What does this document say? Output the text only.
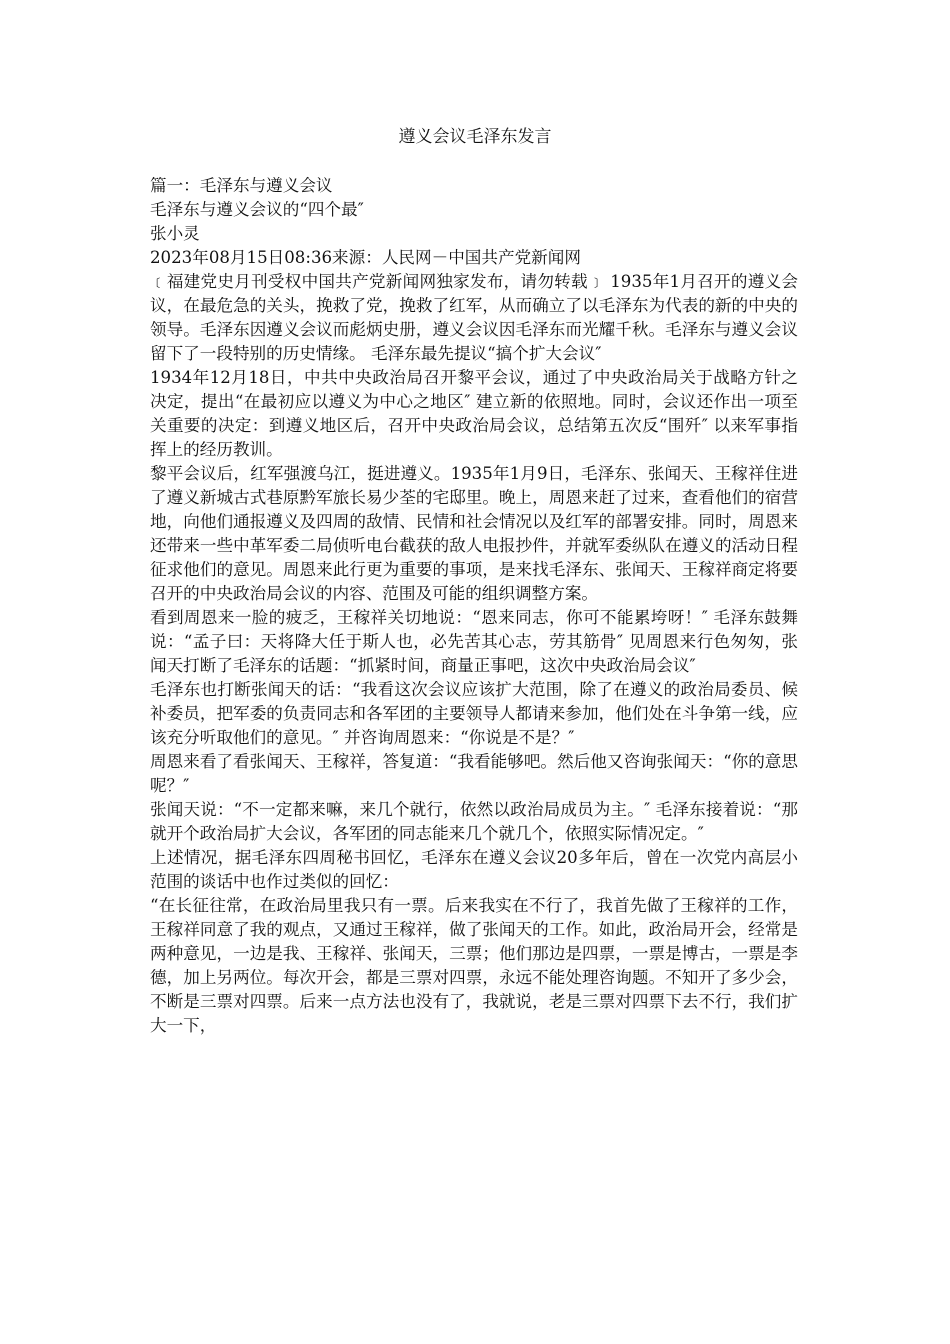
遵义会议毛泽东发言

篇一：毛泽东与遵义会议

毛泽东与遵义会议的“四个最″

张小灵

2023年08月15日08:36来源：人民网－中国共产党新闻网

﹝福建党史月刊受权中国共产党新闻网独家发布，请勿转载﹞ 1935年1月召开的遵义会议，在最危急的关头，挽救了党，挽救了红军，从而确立了以毛泽东为代表的新的中央的领导。毛泽东因遵义会议而彪炳史册，遵义会议因毛泽东而光耀千秋。毛泽东与遵义会议留下了一段特别的历史情缘。 毛泽东最先提议“搞个扩大会议″

1934年12月18日，中共中央政治局召开黎平会议，通过了中央政治局关于战略方针之决定，提出“在最初应以遵义为中心之地区″ 建立新的依照地。同时，会议还作出一项至关重要的决定：到遵义地区后，召开中央政治局会议，总结第五次反“围歼″ 以来军事指挥上的经历教训。

黎平会议后，红军强渡乌江，挺进遵义。1935年1月9日，毛泽东、张闻天、王稼祥住进了遵义新城古式巷原黔军旅长易少荃的宅邸里。晚上，周恩来赶了过来，查看他们的宿营地，向他们通报遵义及四周的敌情、民情和社会情况以及红军的部署安排。同时，周恩来还带来一些中革军委二局侦听电台截获的敌人电报抄件，并就军委纵队在遵义的活动日程征求他们的意见。周恩来此行更为重要的事项，是来找毛泽东、张闻天、王稼祥商定将要召开的中央政治局会议的内容、范围及可能的组织调整方案。

看到周恩来一脸的疲乏，王稼祥关切地说：“恩来同志，你可不能累垮呀！″ 毛泽东鼓舞说：“孟子曰：天将降大任于斯人也，必先苦其心志，劳其筋骨″ 见周恩来行色匆匆，张闻天打断了毛泽东的话题：“抓紧时间，商量正事吧，这次中央政治局会议″

毛泽东也打断张闻天的话：“我看这次会议应该扩大范围，除了在遵义的政治局委员、候补委员，把军委的负责同志和各军团的主要领导人都请来参加，他们处在斗争第一线，应该充分听取他们的意见。″ 并咨询周恩来：“你说是不是？″

周恩来看了看张闻天、王稼祥，答复道：“我看能够吧。然后他又咨询张闻天：“你的意思呢？″

张闻天说：“不一定都来嘛，来几个就行，依然以政治局成员为主。″ 毛泽东接着说：“那就开个政治局扩大会议，各军团的同志能来几个就几个，依照实际情况定。″

上述情况，据毛泽东四周秘书回忆，毛泽东在遵义会议20多年后，曾在一次党内高层小范围的谈话中也作过类似的回忆：

“在长征往常，在政治局里我只有一票。后来我实在不行了，我首先做了王稼祥的工作，王稼祥同意了我的观点，又通过王稼祥，做了张闻天的工作。如此，政治局开会，经常是两种意见，一边是我、王稼祥、张闻天，三票；他们那边是四票，一票是博古，一票是李德，加上另两位。每次开会，都是三票对四票，永远不能处理咨询题。不知开了多少会，不断是三票对四票。后来一点方法也没有了，我就说，老是三票对四票下去不行，我们扩大一下，
